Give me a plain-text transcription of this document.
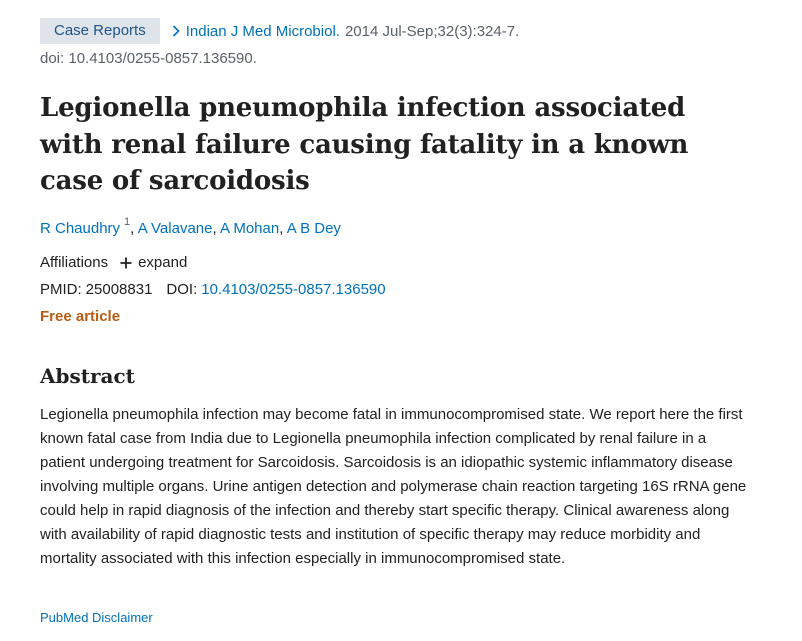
Case Reports	Indian J Med Microbiol. 2014 Jul-Sep;32(3):324-7.
doi: 10.4103/0255-0857.136590.
Legionella pneumophila infection associated with renal failure causing fatality in a known case of sarcoidosis
R Chaudhry $^1$, A Valavane, A Mohan, A B Dey
Affiliations expand
PMID: 25008831 DOI: 10.4103/0255-0857.136590
Free article
Abstract

Legionella pneumophila infection may become fatal in immunocompromised state. We report here the first known fatal case from India due to Legionella pneumophila infection complicated by renal failure in a patient undergoing treatment for Sarcoidosis. Sarcoidosis is an idiopathic systemic inflammatory disease involving multiple organs. Urine antigen detection and polymerase chain reaction targeting 16S rRNA gene could help in rapid diagnosis of the infection and thereby start specific therapy. Clinical awareness along with availability of rapid diagnostic tests and institution of specific therapy may reduce morbidity and mortality associated with this infection especially in immunocompromised state.

PubMed Disclaimer
